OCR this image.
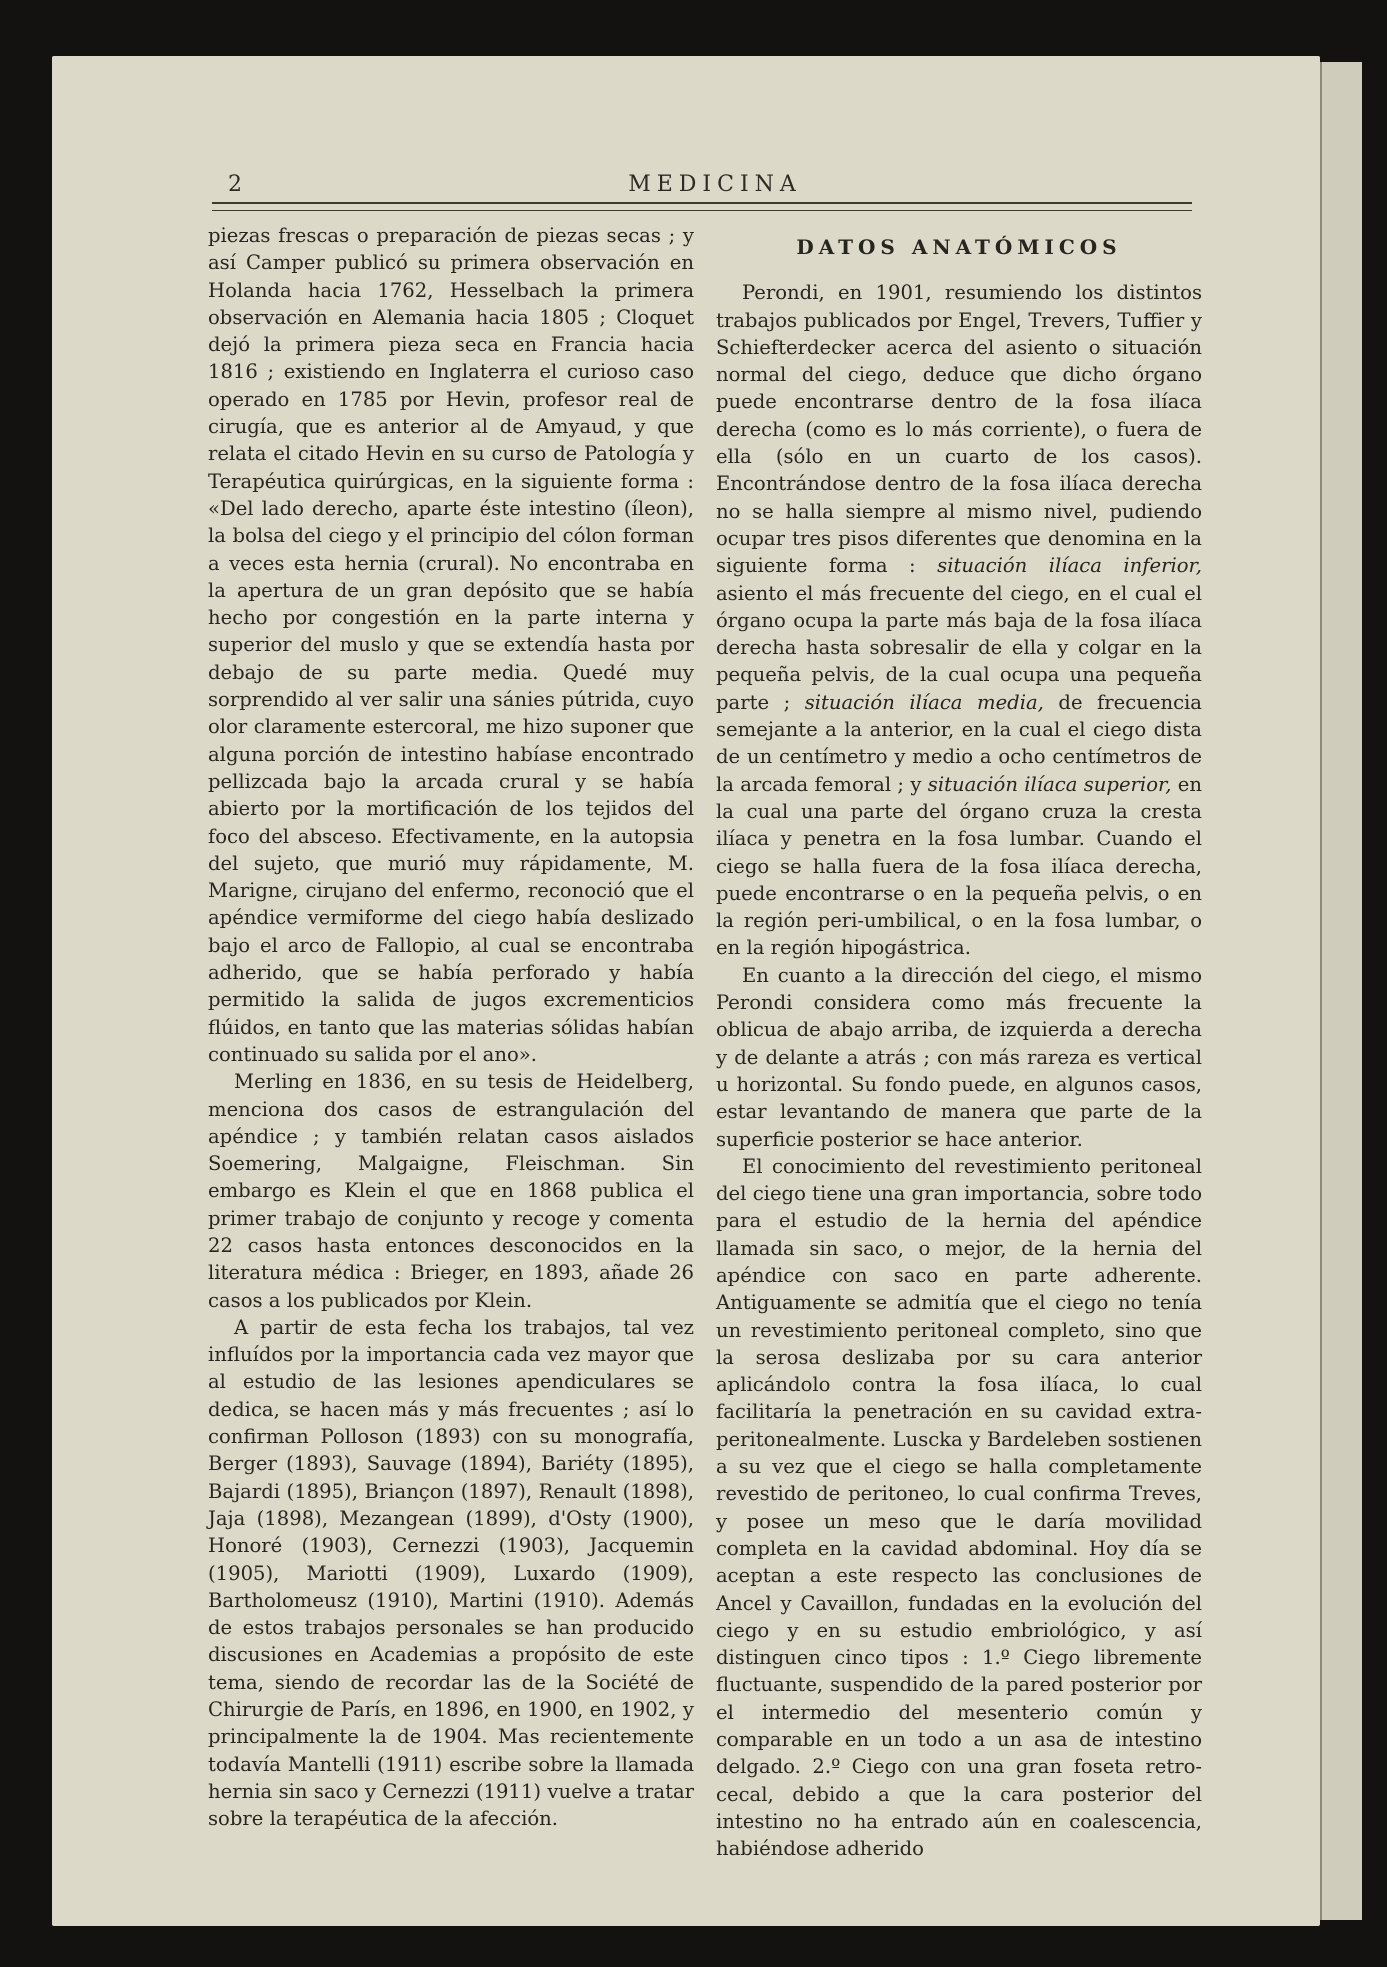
2	MEDICINA

piezas frescas o preparación de piezas secas ; y así Camper publicó su primera observación en Holanda hacia 1762, Hesselbach la primera observación en Alemania hacia 1805 ; Cloquet dejó la primera pieza seca en Francia hacia 1816 ; existiendo en Inglaterra el curioso caso operado en 1785 por Hevin, profesor real de cirugía, que es anterior al de Amyaud, y que relata el citado Hevin en su curso de Patología y Terapéutica quirúrgicas, en la siguiente forma : «Del lado derecho, aparte éste intestino (íleon), la bolsa del ciego y el principio del cólon forman a veces esta hernia (crural). No encontraba en la apertura de un gran depósito que se había hecho por congestión en la parte interna y superior del muslo y que se extendía hasta por debajo de su parte media. Quedé muy sorprendido al ver salir una sánies pútrida, cuyo olor claramente estercoral, me hizo suponer que alguna porción de intestino habíase encontrado pellizcada bajo la arcada crural y se había abierto por la mortificación de los tejidos del foco del absceso. Efectivamente, en la autopsia del sujeto, que murió muy rápidamente, M. Marigne, cirujano del enfermo, reconoció que el apéndice vermiforme del ciego había deslizado bajo el arco de Fallopio, al cual se encontraba adherido, que se había perforado y había permitido la salida de jugos excrementicios flúidos, en tanto que las materias sólidas habían continuado su salida por el ano».

Merling en 1836, en su tesis de Heidelberg, menciona dos casos de estrangulación del apéndice ; y también relatan casos aislados Soemering, Malgaigne, Fleischman. Sin embargo es Klein el que en 1868 publica el primer trabajo de conjunto y recoge y comenta 22 casos hasta entonces desconocidos en la literatura médica : Brieger, en 1893, añade 26 casos a los publicados por Klein.

A partir de esta fecha los trabajos, tal vez influídos por la importancia cada vez mayor que al estudio de las lesiones apendiculares se dedica, se hacen más y más frecuentes ; así lo confirman Polloson (1893) con su monografía, Berger (1893), Sauvage (1894), Bariéty (1895), Bajardi (1895), Briançon (1897), Renault (1898), Jaja (1898), Mezangean (1899), d'Osty (1900), Honoré (1903), Cernezzi (1903), Jacquemin (1905), Mariotti (1909), Luxardo (1909), Bartholomeusz (1910), Martini (1910). Además de estos trabajos personales se han producido discusiones en Academias a propósito de este tema, siendo de recordar las de la Société de Chirurgie de París, en 1896, en 1900, en 1902, y principalmente la de 1904. Mas recientemente todavía Mantelli (1911) escribe sobre la llamada hernia sin saco y Cernezzi (1911) vuelve a tratar sobre la terapéutica de la afección.

DATOS ANATÓMICOS

Perondi, en 1901, resumiendo los distintos trabajos publicados por Engel, Trevers, Tuffier y Schiefterdecker acerca del asiento o situación normal del ciego, deduce que dicho órgano puede encontrarse dentro de la fosa ilíaca derecha (como es lo más corriente), o fuera de ella (sólo en un cuarto de los casos). Encontrándose dentro de la fosa ilíaca derecha no se halla siempre al mismo nivel, pudiendo ocupar tres pisos diferentes que denomina en la siguiente forma : situación ilíaca inferior, asiento el más frecuente del ciego, en el cual el órgano ocupa la parte más baja de la fosa ilíaca derecha hasta sobresalir de ella y colgar en la pequeña pelvis, de la cual ocupa una pequeña parte ; situación ilíaca media, de frecuencia semejante a la anterior, en la cual el ciego dista de un centímetro y medio a ocho centímetros de la arcada femoral ; y situación ilíaca superior, en la cual una parte del órgano cruza la cresta ilíaca y penetra en la fosa lumbar. Cuando el ciego se halla fuera de la fosa ilíaca derecha, puede encontrarse o en la pequeña pelvis, o en la región peri-umbilical, o en la fosa lumbar, o en la región hipogástrica.

En cuanto a la dirección del ciego, el mismo Perondi considera como más frecuente la oblicua de abajo arriba, de izquierda a derecha y de delante a atrás ; con más rareza es vertical u horizontal. Su fondo puede, en algunos casos, estar levantando de manera que parte de la superficie posterior se hace anterior.

El conocimiento del revestimiento peritoneal del ciego tiene una gran importancia, sobre todo para el estudio de la hernia del apéndice llamada sin saco, o mejor, de la hernia del apéndice con saco en parte adherente. Antiguamente se admitía que el ciego no tenía un revestimiento peritoneal completo, sino que la serosa deslizaba por su cara anterior aplicándolo contra la fosa ilíaca, lo cual facilitaría la penetración en su cavidad extra-peritonealmente. Luscka y Bardeleben sostienen a su vez que el ciego se halla completamente revestido de peritoneo, lo cual confirma Treves, y posee un meso que le daría movilidad completa en la cavidad abdominal. Hoy día se aceptan a este respecto las conclusiones de Ancel y Cavaillon, fundadas en la evolución del ciego y en su estudio embriológico, y así distinguen cinco tipos : 1.º Ciego libremente fluctuante, suspendido de la pared posterior por el intermedio del mesenterio común y comparable en un todo a un asa de intestino delgado. 2.º Ciego con una gran foseta retro-cecal, debido a que la cara posterior del intestino no ha entrado aún en coalescencia, habiéndose adherido
